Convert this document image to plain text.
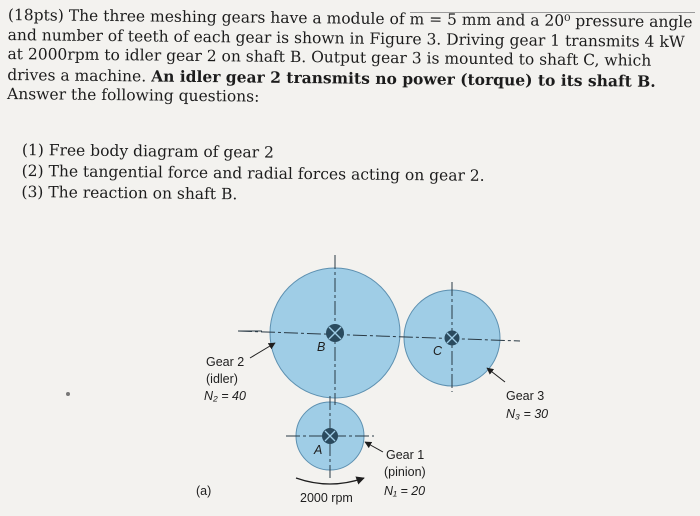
(18pts) The three meshing gears have a module of m = 5 mm and a 20⁰ pressure angle and number of teeth of each gear is shown in Figure 3. Driving gear 1 transmits 4 kW at 2000rpm to idler gear 2 on shaft B. Output gear 3 is mounted to shaft C, which drives a machine. An idler gear 2 transmits no power (torque) to its shaft B. Answer the following questions:

(1) Free body diagram of gear 2
(2) The tangential force and radial forces acting on gear 2.
(3) The reaction on shaft B.
B	C
A
Gear 2
(idler)
N₂ = 40	Gear 3
N₃ = 30
Gear 1
(pinion)
N₁ = 20
2000 rpm
(a)
